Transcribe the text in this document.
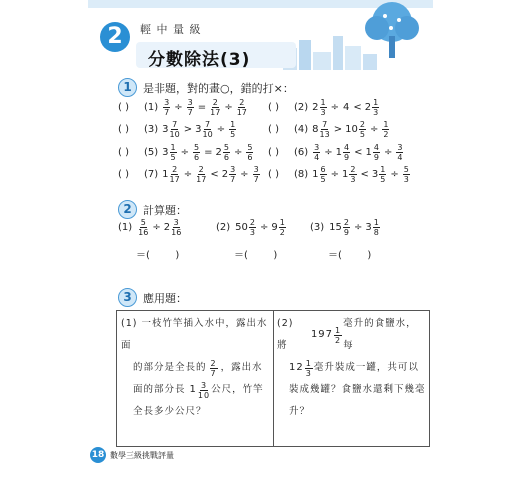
2	輕 中 量 級
分數除法(3)
1	是非題，對的畫○，錯的打×：
( )	$(1) \frac{3}{7} \div \frac{3}{7} = \frac{2}{17} \div \frac{2}{17}$ ( )	(2) $2 \frac{1}{3} \div 4 < 2 \frac{1}{3}$
( )	(3) $3 \frac{7}{10} > 3 \frac{7}{10} \div \frac{1}{5}$	( )	(4) $8 \frac{7}{13} > 10 \frac{2}{5} \div \frac{1}{2}$
( )	(5) $3 \frac{1}{5} \div \frac{5}{6} = 2 \frac{5}{6} \div \frac{5}{6}$ ( )	$(6) \frac{3}{4} \div 1 \frac{4}{9} < 1 \frac{4}{9} \div \frac{3}{4}$
( )	(7) $1 \frac{2}{17} \div \frac{2}{17} < 2 \frac{3}{7} \div \frac{3}{7}$ ( )	(8) $1 \frac{6}{5} \div 1 \frac{2}{3} < 3 \frac{1}{5} \div \frac{5}{3}$
2	計算題：
$(1) \frac{5}{16} \div 2 \frac{3}{16}$
＝(        )
(2) $50 \frac{2}{3} \div 9 \frac{1}{2}$
＝(        )
(3) $15 \frac{2}{9} \div 3 \frac{1}{8}$
＝(        )
3	應用題：
(1) 一枝竹竿插入水中，露出水面
的部分是全長的 $\frac{2}{7}$ ，露出水
面的部分長 $1 \frac{3}{10}$ 公尺，竹竿
全長多少公尺？
(2) 將
$197 \frac{1}{2}$
毫升的食鹽水，每
$12 \frac{1}{3}$ 毫升裝成一罐，共可以
裝成幾罐？食鹽水還剩下幾毫
升？
18 數學三級挑戰評量
